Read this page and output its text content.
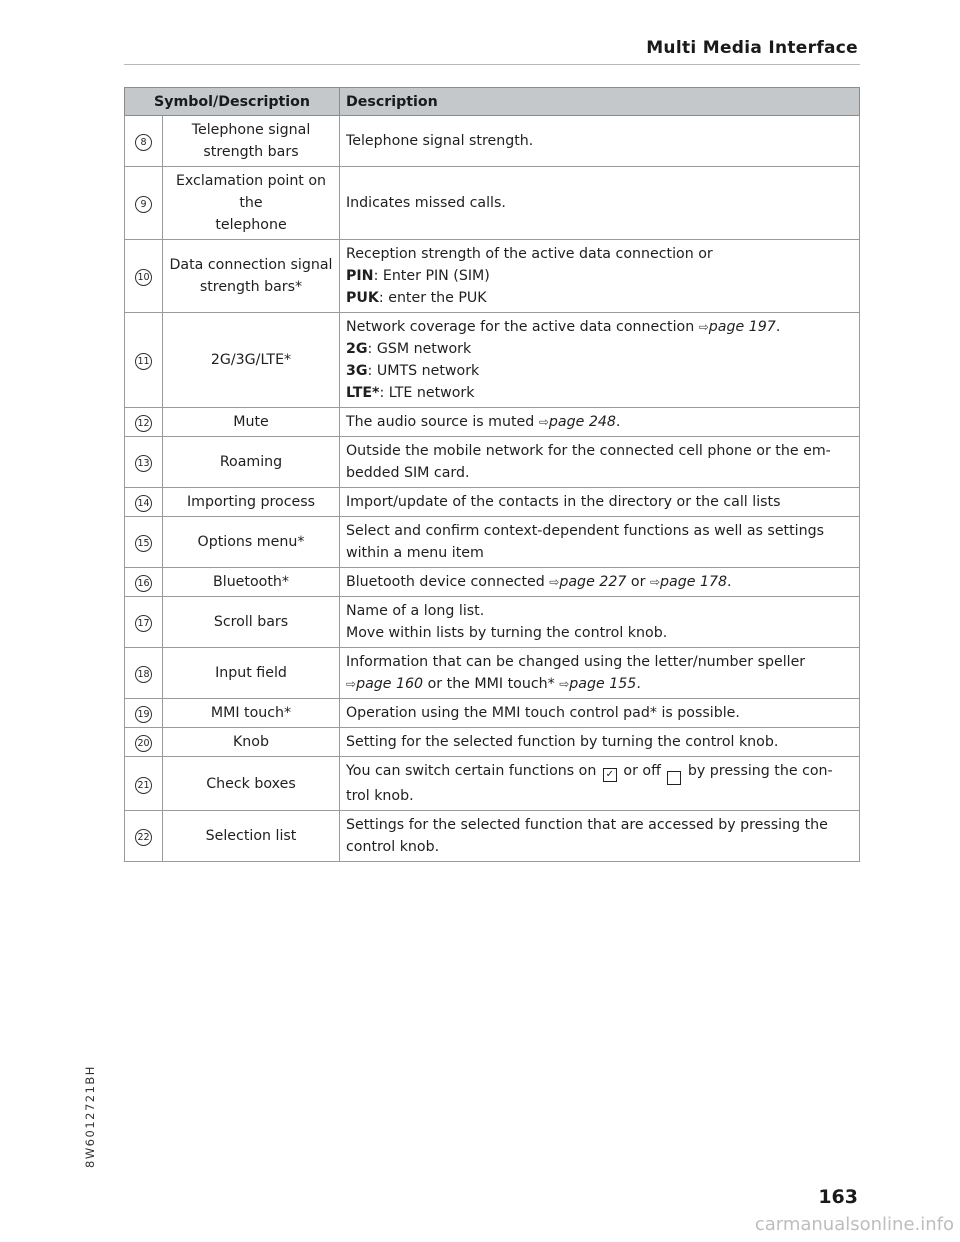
Multi Media Interface
Symbol/Description		Description
8	Telephone signal
strength bars	Telephone signal strength.

9	Exclamation point on the
telephone	Indicates missed calls.

10	Data connection signal
strength bars*	Reception strength of the active data connection or
PIN: Enter PIN (SIM)
PUK: enter the PUK

11	2G/3G/LTE*	Network coverage for the active data connection ⇨page 197.
2G: GSM network
3G: UMTS network
LTE*: LTE network

12	Mute	The audio source is muted ⇨page 248.

13	Roaming	Outside the mobile network for the connected cell phone or the em-
bedded SIM card.

14	Importing process	Import/update of the contacts in the directory or the call lists

15	Options menu*	Select and confirm context-dependent functions as well as settings
within a menu item

16	Bluetooth*	Bluetooth device connected ⇨page 227 or ⇨page 178.

17	Scroll bars	Name of a long list.
Move within lists by turning the control knob.

18	Input field	Information that can be changed using the letter/number speller
⇨page 160 or the MMI touch* ⇨page 155.

19	MMI touch*	Operation using the MMI touch control pad* is possible.

20	Knob	Setting for the selected function by turning the control knob.

21	Check boxes	You can switch certain functions on ✓ or off  by pressing the con-
trol knob.

22	Selection list	Settings for the selected function that are accessed by pressing the
control knob.
8W6012721BH
163
carmanualsonline.info
